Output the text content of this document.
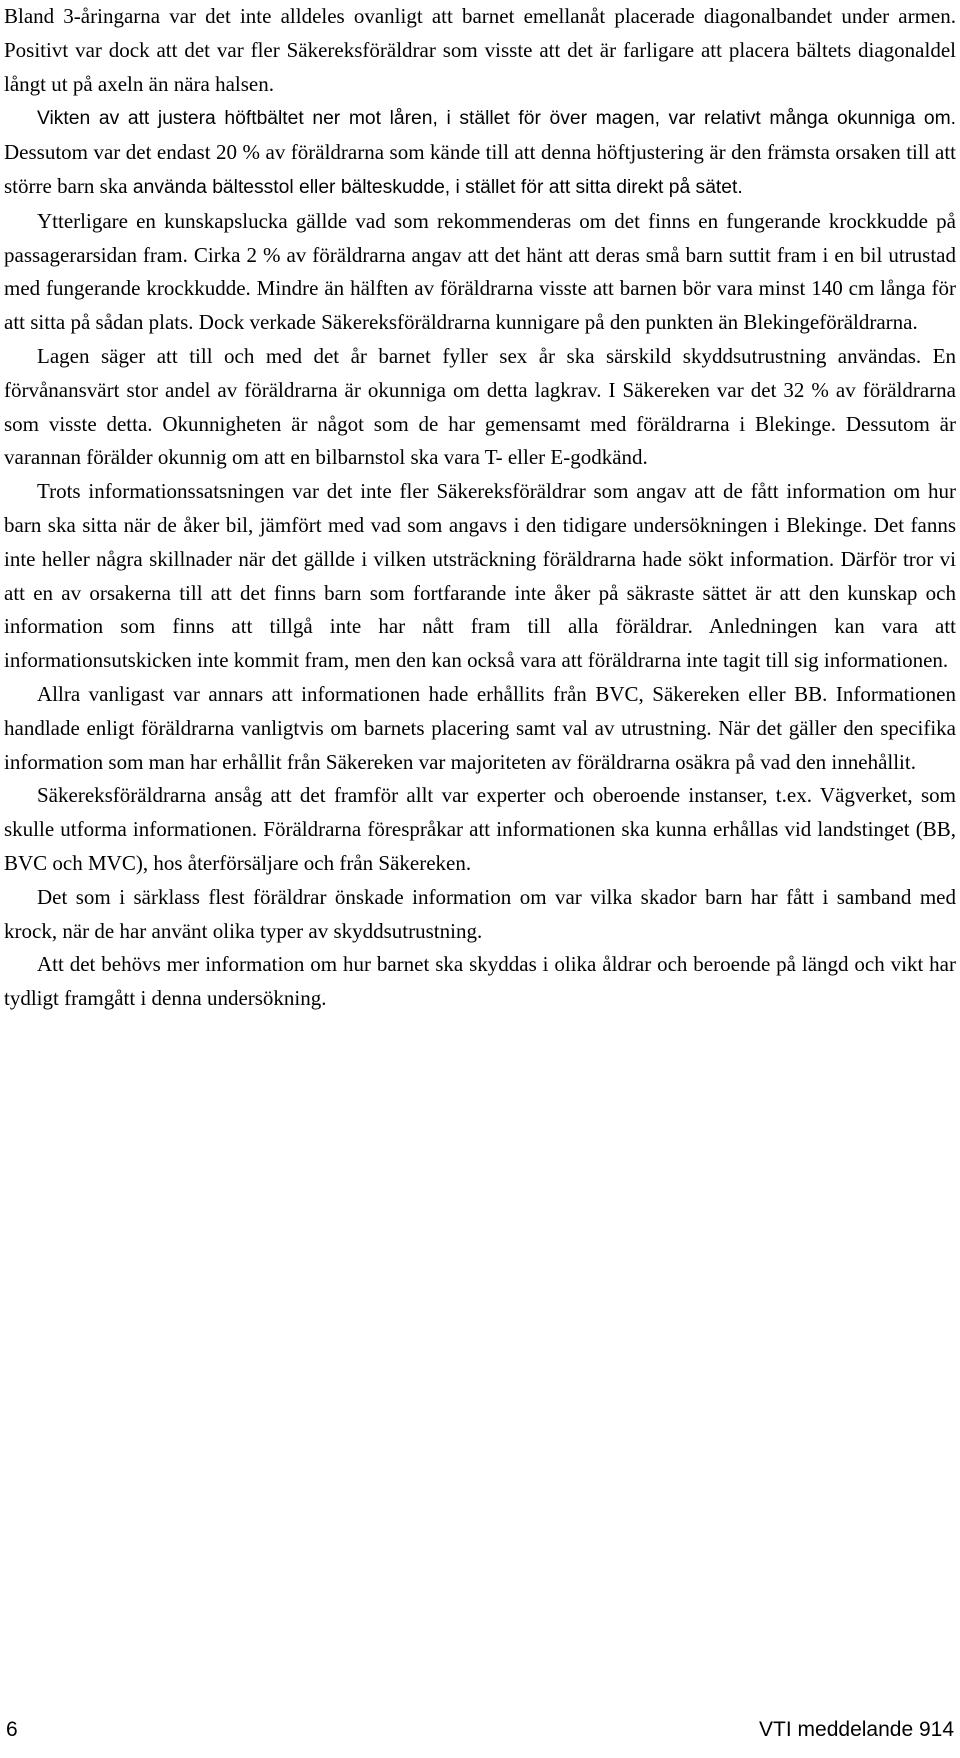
Bland 3-åringarna var det inte alldeles ovanligt att barnet emellanåt placerade diagonalbandet under armen. Positivt var dock att det var fler Säkereksföräldrar som visste att det är farligare att placera bältets diagonaldel långt ut på axeln än nära halsen.

Vikten av att justera höftbältet ner mot låren, i stället för över magen, var relativt många okunniga om. Dessutom var det endast 20 % av föräldrarna som kände till att denna höftjustering är den främsta orsaken till att större barn ska använda bältesstol eller bälteskudde, i stället för att sitta direkt på sätet.

Ytterligare en kunskapslucka gällde vad som rekommenderas om det finns en fungerande krockkudde på passagerarsidan fram. Cirka 2 % av föräldrarna angav att det hänt att deras små barn suttit fram i en bil utrustad med fungerande krockkudde. Mindre än hälften av föräldrarna visste att barnen bör vara minst 140 cm långa för att sitta på sådan plats. Dock verkade Säkereksföräldrarna kunnigare på den punkten än Blekingeföräldrarna.

Lagen säger att till och med det år barnet fyller sex år ska särskild skyddsutrustning användas. En förvånansvärt stor andel av föräldrarna är okunniga om detta lagkrav. I Säkereken var det 32 % av föräldrarna som visste detta. Okunnigheten är något som de har gemensamt med föräldrarna i Blekinge. Dessutom är varannan förälder okunnig om att en bilbarnstol ska vara T- eller E-godkänd.

Trots informationssatsningen var det inte fler Säkereksföräldrar som angav att de fått information om hur barn ska sitta när de åker bil, jämfört med vad som angavs i den tidigare undersökningen i Blekinge. Det fanns inte heller några skillnader när det gällde i vilken utsträckning föräldrarna hade sökt information. Därför tror vi att en av orsakerna till att det finns barn som fortfarande inte åker på säkraste sättet är att den kunskap och information som finns att tillgå inte har nått fram till alla föräldrar. Anledningen kan vara att informationsutskicken inte kommit fram, men den kan också vara att föräldrarna inte tagit till sig informationen.

Allra vanligast var annars att informationen hade erhållits från BVC, Säkereken eller BB. Informationen handlade enligt föräldrarna vanligtvis om barnets placering samt val av utrustning. När det gäller den specifika information som man har erhållit från Säkereken var majoriteten av föräldrarna osäkra på vad den innehållit.

Säkereksföräldrarna ansåg att det framför allt var experter och oberoende instanser, t.ex. Vägverket, som skulle utforma informationen. Föräldrarna förespråkar att informationen ska kunna erhållas vid landstinget (BB, BVC och MVC), hos återförsäljare och från Säkereken.

Det som i särklass flest föräldrar önskade information om var vilka skador barn har fått i samband med krock, när de har använt olika typer av skyddsutrustning.

Att det behövs mer information om hur barnet ska skyddas i olika åldrar och beroende på längd och vikt har tydligt framgått i denna undersökning.

6	VTI meddelande 914
